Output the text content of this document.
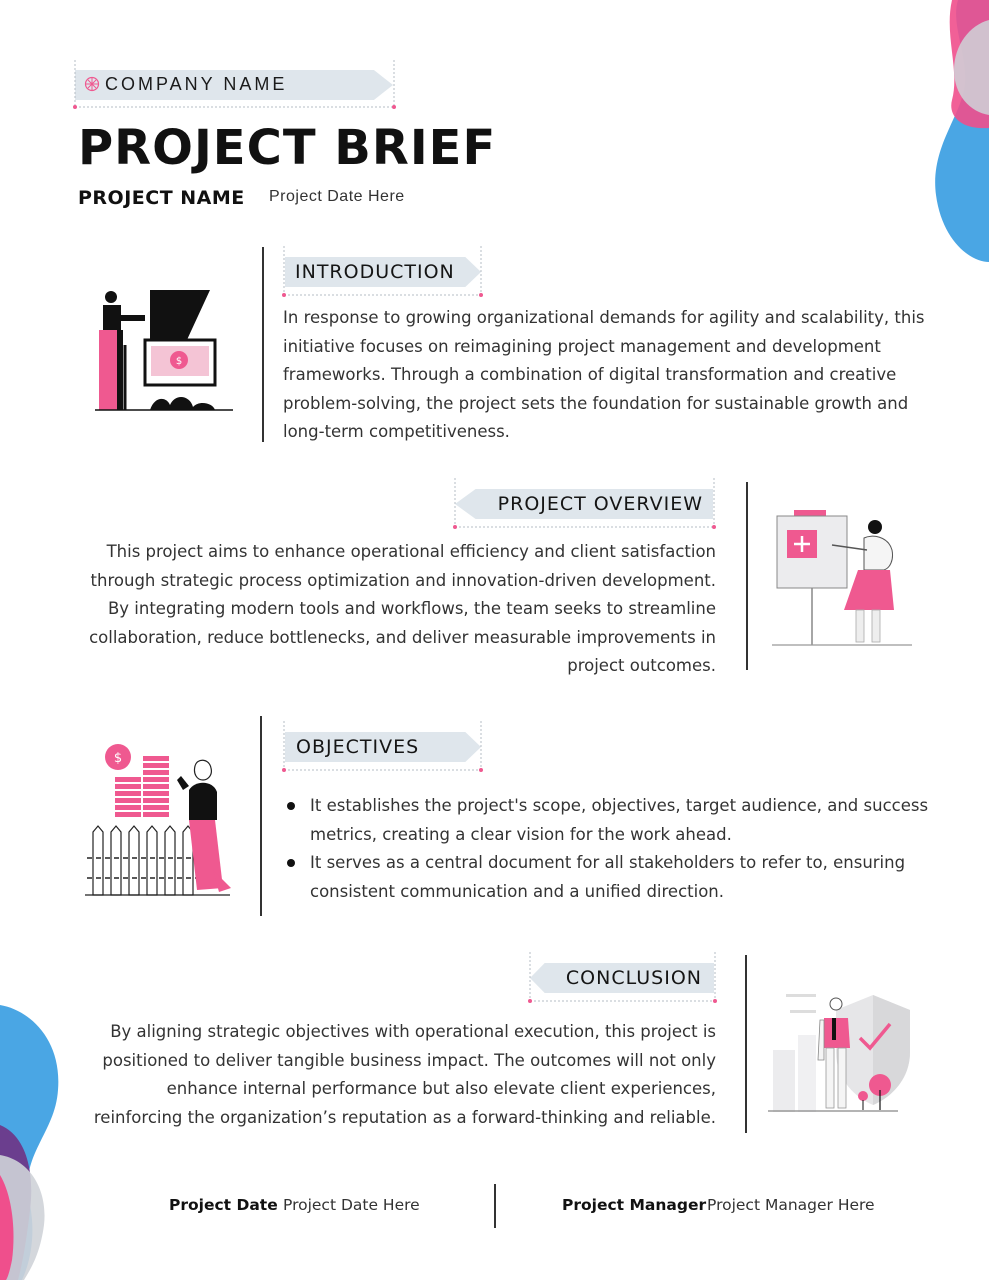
COMPANY NAME
PROJECT BRIEF
PROJECT NAME Project Date Here
$
INTRODUCTION
In response to growing organizational demands for agility and scalability, this
initiative focuses on reimagining project management and development
frameworks. Through a combination of digital transformation and creative
problem-solving, the project sets the foundation for sustainable growth and
long-term competitiveness.
PROJECT OVERVIEW
This project aims to enhance operational efficiency and client satisfaction
through strategic process optimization and innovation-driven development.
By integrating modern tools and workflows, the team seeks to streamline
collaboration, reduce bottlenecks, and deliver measurable improvements in
project outcomes.
$
OBJECTIVES
It establishes the project's scope, objectives, target audience, and success
metrics, creating a clear vision for the work ahead.
It serves as a central document for all stakeholders to refer to, ensuring
consistent communication and a unified direction.
CONCLUSION
By aligning strategic objectives with operational execution, this project is
positioned to deliver tangible business impact. The outcomes will not only
enhance internal performance but also elevate client experiences,
reinforcing the organization’s reputation as a forward-thinking and reliable.
Project Date Project Date Here	Project Manager Project Manager Here
